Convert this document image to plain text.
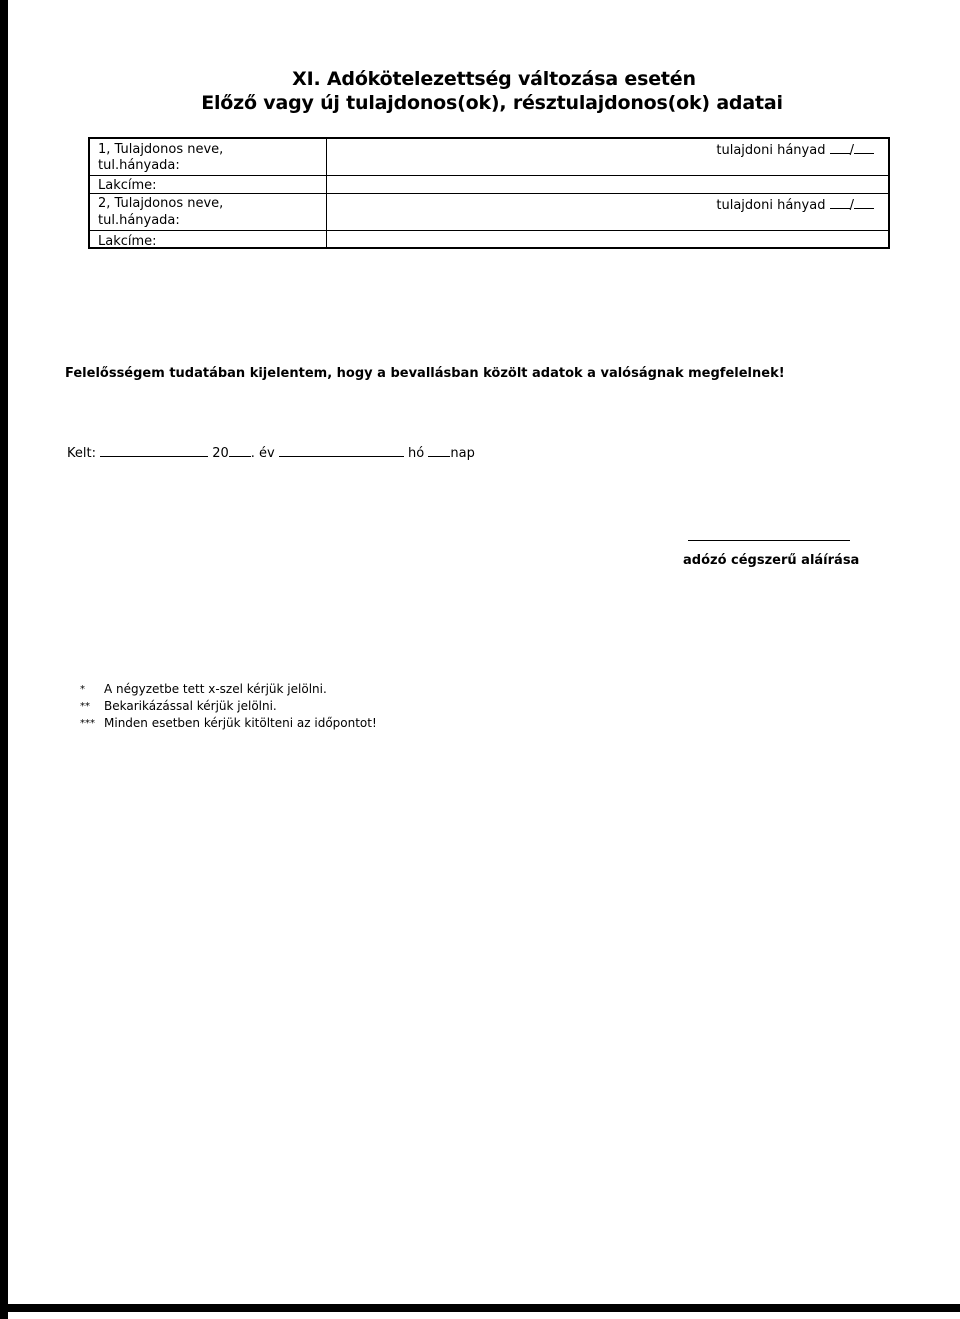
XI. Adókötelezettség változása esetén
Előző vagy új tulajdonos(ok), résztulajdonos(ok) adatai
1, Tulajdonos neve,
tul.hányada:
Lakcíme:
tulajdoni hányad /
2, Tulajdonos neve,
tul.hányada:
Lakcíme:
tulajdoni hányad /
Felelősségem tudatában kijelentem, hogy a bevallásban közölt adatok a valóságnak megfelelnek!
Kelt:	20 . év	hó nap
adózó cégszerű aláírása
* A négyzetbe tett x-szel kérjük jelölni.
** Bekarikázással kérjük jelölni.
*** Minden esetben kérjük kitölteni az időpontot!
